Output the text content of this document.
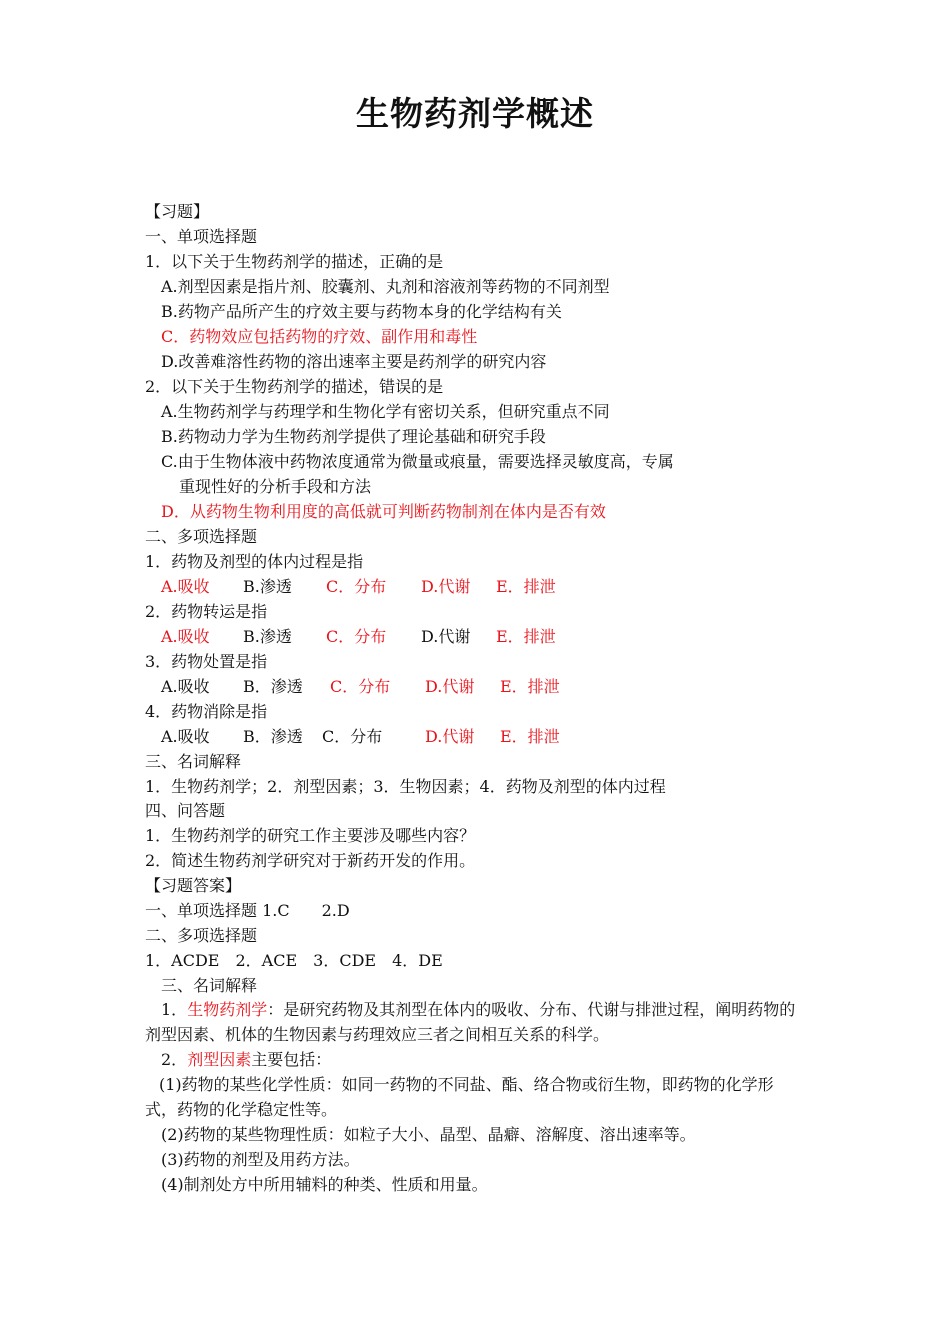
生物药剂学概述
【习题】
一、单项选择题
1．以下关于生物药剂学的描述，正确的是
A.剂型因素是指片剂、胶囊剂、丸剂和溶液剂等药物的不同剂型
B.药物产品所产生的疗效主要与药物本身的化学结构有关
C．药物效应包括药物的疗效、副作用和毒性
D.改善难溶性药物的溶出速率主要是药剂学的研究内容
2．以下关于生物药剂学的描述，错误的是
A.生物药剂学与药理学和生物化学有密切关系，但研究重点不同
B.药物动力学为生物药剂学提供了理论基础和研究手段
C.由于生物体液中药物浓度通常为微量或痕量，需要选择灵敏度高，专属
重现性好的分析手段和方法
D．从药物生物利用度的高低就可判断药物制剂在体内是否有效
二、多项选择题
1．药物及剂型的体内过程是指
A.吸收 B.渗透 C．分布 D.代谢 E．排泄
2．药物转运是指
A.吸收 B.渗透 C．分布 D.代谢 E．排泄
3．药物处置是指
A.吸收 B．渗透 C．分布 D.代谢 E．排泄
4．药物消除是指
A.吸收 B．渗透 C．分布	D.代谢 E．排泄
三、名词解释
1．生物药剂学；2．剂型因素；3．生物因素；4．药物及剂型的体内过程
四、问答题
1．生物药剂学的研究工作主要涉及哪些内容？
2．简述生物药剂学研究对于新药开发的作用。
【习题答案】
一、单项选择题 1.C　　2.D
二、多项选择题
1．ACDE　2．ACE　3．CDE　4．DE
三、名词解释
1．生物药剂学：是研究药物及其剂型在体内的吸收、分布、代谢与排泄过程，阐明药物的剂型因素、机体的生物因素与药理效应三者之间相互关系的科学。
2．剂型因素主要包括：
(1)药物的某些化学性质：如同一药物的不同盐、酯、络合物或衍生物，即药物的化学形式，药物的化学稳定性等。
(2)药物的某些物理性质：如粒子大小、晶型、晶癖、溶解度、溶出速率等。
(3)药物的剂型及用药方法。
(4)制剂处方中所用辅料的种类、性质和用量。
